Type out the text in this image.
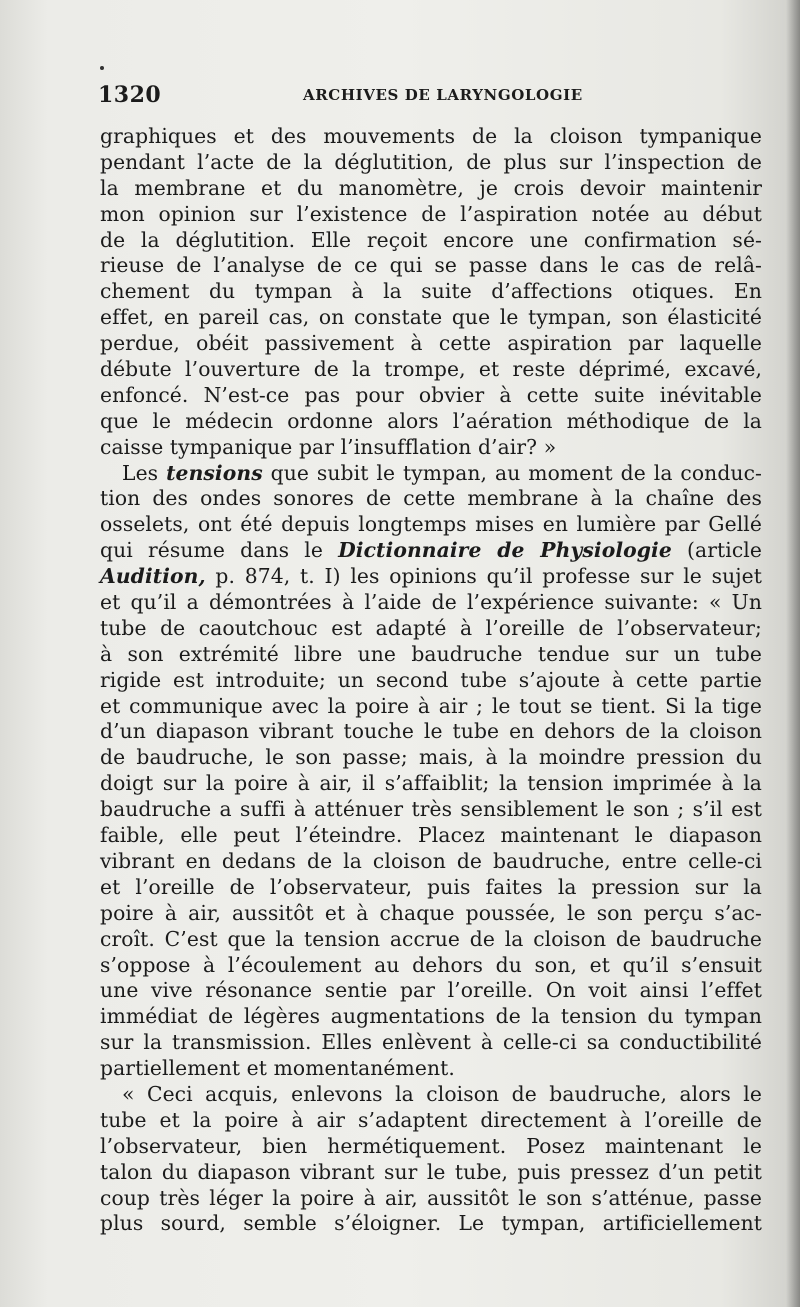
1320	ARCHIVES DE LARYNGOLOGIE
graphiques et des mouvements de la cloison tympanique
pendant l’acte de la déglutition, de plus sur l’inspection de
la membrane et du manomètre, je crois devoir maintenir
mon opinion sur l’existence de l’aspiration notée au début
de la déglutition. Elle reçoit encore une confirmation sé-
rieuse de l’analyse de ce qui se passe dans le cas de relâ-
chement du tympan à la suite d’affections otiques. En
effet, en pareil cas, on constate que le tympan, son élasticité
perdue, obéit passivement à cette aspiration par laquelle
débute l’ouverture de la trompe, et reste déprimé, excavé,
enfoncé. N’est-ce pas pour obvier à cette suite inévitable
que le médecin ordonne alors l’aération méthodique de la
caisse tympanique par l’insufflation d’air? »
Les tensions que subit le tympan, au moment de la conduc-
tion des ondes sonores de cette membrane à la chaîne des
osselets, ont été depuis longtemps mises en lumière par Gellé
qui résume dans le Dictionnaire de Physiologie (article
Audition, p. 874, t. I) les opinions qu’il professe sur le sujet
et qu’il a démontrées à l’aide de l’expérience suivante: « Un
tube de caoutchouc est adapté à l’oreille de l’observateur;
à son extrémité libre une baudruche tendue sur un tube
rigide est introduite; un second tube s’ajoute à cette partie
et communique avec la poire à air ; le tout se tient. Si la tige
d’un diapason vibrant touche le tube en dehors de la cloison
de baudruche, le son passe; mais, à la moindre pression du
doigt sur la poire à air, il s’affaiblit; la tension imprimée à la
baudruche a suffi à atténuer très sensiblement le son ; s’il est
faible, elle peut l’éteindre. Placez maintenant le diapason
vibrant en dedans de la cloison de baudruche, entre celle-ci
et l’oreille de l’observateur, puis faites la pression sur la
poire à air, aussitôt et à chaque poussée, le son perçu s’ac-
croît. C’est que la tension accrue de la cloison de baudruche
s’oppose à l’écoulement au dehors du son, et qu’il s’ensuit
une vive résonance sentie par l’oreille. On voit ainsi l’effet
immédiat de légères augmentations de la tension du tympan
sur la transmission. Elles enlèvent à celle-ci sa conductibilité
partiellement et momentanément.
« Ceci acquis, enlevons la cloison de baudruche, alors le
tube et la poire à air s’adaptent directement à l’oreille de
l’observateur, bien hermétiquement. Posez maintenant le
talon du diapason vibrant sur le tube, puis pressez d’un petit
coup très léger la poire à air, aussitôt le son s’atténue, passe
plus sourd, semble s’éloigner. Le tympan, artificiellement
